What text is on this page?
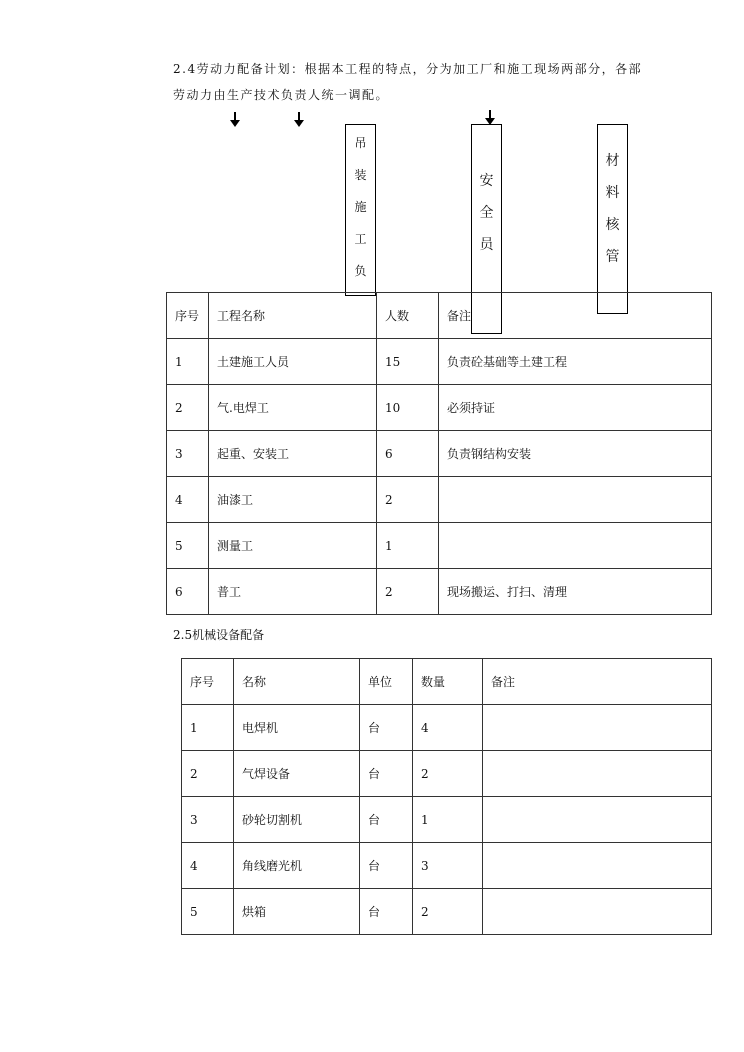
2.4劳动力配备计划：根据本工程的特点，分为加工厂和施工现场两部分，各部
劳动力由生产技术负责人统一调配。
吊
装
施
工
负
安
全
员
材
料
核
管
序号	工程名称	人数	备注
1	土建施工人员	15	负责砼基础等土建工程
2	气.电焊工	10	必须持证
3	起重、安装工	6	负责钢结构安装
4	油漆工	2	
5	测量工	1	
6	普工	2	现场搬运、打扫、清理
2.5机械设备配备
序号	名称	单位	数量	备注
1	电焊机	台	4	
2	气焊设备	台	2	
3	砂轮切割机	台	1	
4	角线磨光机	台	3	
5	烘箱	台	2	
